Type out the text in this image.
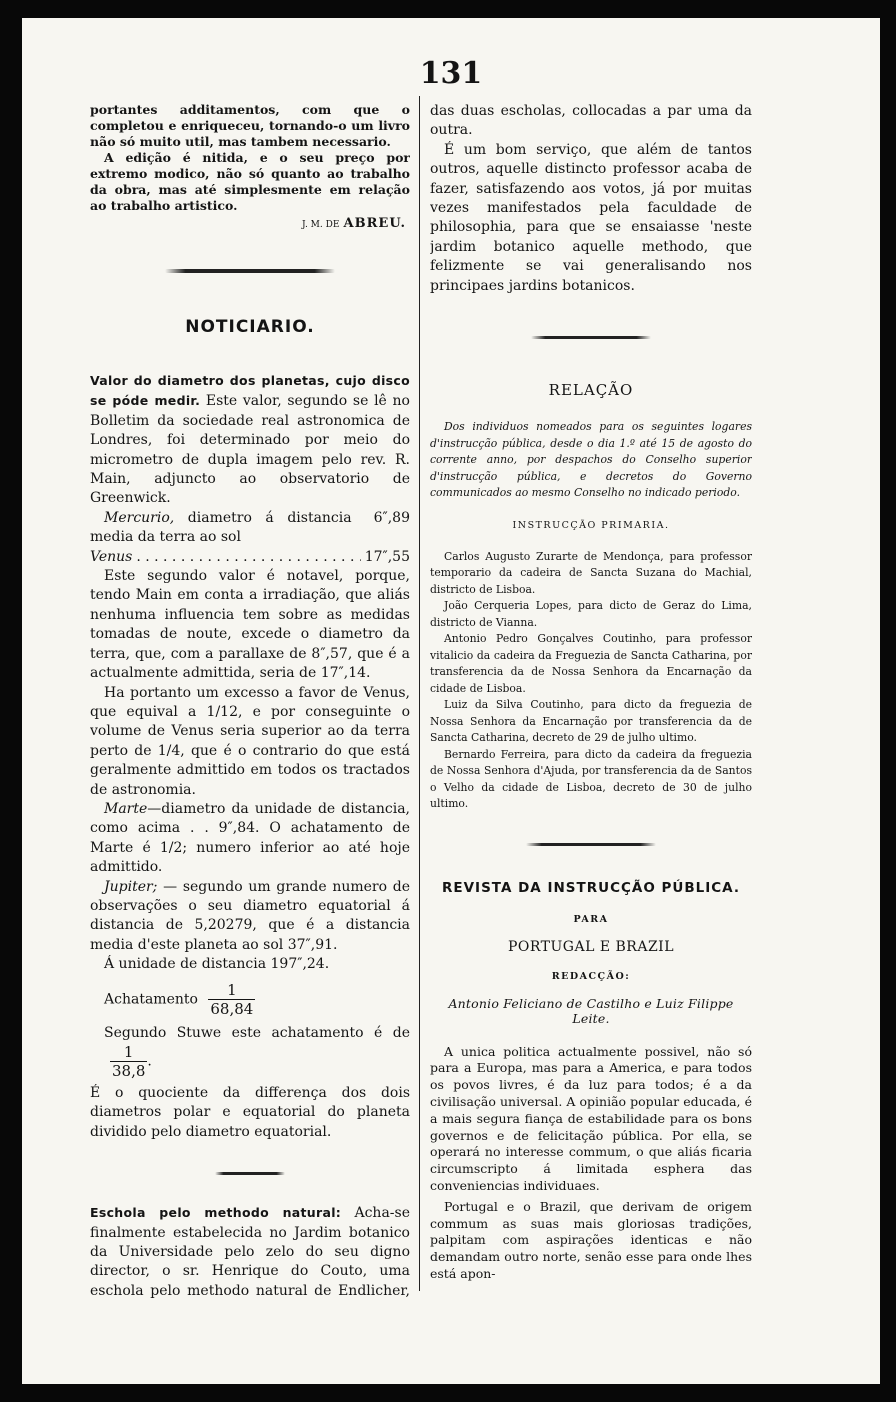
131

portantes additamentos, com que o completou e enriqueceu, tornando-o um livro não só muito util, mas tambem necessario.

A edição é nitida, e o seu preço por extremo modico, não só quanto ao trabalho da obra, mas até simplesmente em relação ao trabalho artistico.

J. M. DE ABREU.
NOTICIARIO.

Valor do diametro dos planetas, cujo disco se póde medir. Este valor, segundo se lê no Bolletim da sociedade real astronomica de Londres, foi determinado por meio do micrometro de dupla imagem pelo rev. R. Main, adjuncto ao observatorio de Greenwick.

Mercurio, diametro á distancia media da terra ao sol
6″,89
Venus
. . .	17″,55

Este segundo valor é notavel, porque, tendo Main em conta a irradiação, que aliás nenhuma influencia tem sobre as medidas tomadas de noute, excede o diametro da terra, que, com a parallaxe de 8″,57, que é a actualmente admittida, seria de 17″,14.

Ha portanto um excesso a favor de Venus, que equival a 1/12, e por conseguinte o volume de Venus seria superior ao da terra perto de 1/4, que é o contrario do que está geralmente admittido em todos os tractados de astronomia.

Marte—diametro da unidade de distancia, como acima . . 9″,84. O achatamento de Marte é 1/2; numero inferior ao até hoje admittido.

Jupiter; — segundo um grande numero de observações o seu diametro equatorial á distancia de 5,20279, que é a distancia media d'este planeta ao sol 37″,91.

Á unidade de distancia 197″,24.

Achatamento $\frac{1}{68,84}$
Segundo Stuwe este achatamento é de
$\frac{1}{38,8}$ .

É o quociente da differença dos dois diametros polar e equatorial do planeta dividido pelo diametro equatorial.

Eschola pelo methodo natural: Acha-se finalmente estabelecida no Jardim botanico da Universidade pelo zelo do seu digno director, o sr. Henrique do Couto, uma eschola pelo methodo natural de Endlicher,

das duas escholas, collocadas a par uma da outra.

É um bom serviço, que além de tantos outros, aquelle distincto professor acaba de fazer, satisfazendo aos votos, já por muitas vezes manifestados pela faculdade de philosophia, para que se ensaiasse 'neste jardim botanico aquelle methodo, que felizmente se vai generalisando nos principaes jardins botanicos.

RELAÇÃO

Dos individuos nomeados para os seguintes logares d'instrucção pública, desde o dia 1.º até 15 de agosto do corrente anno, por despachos do Conselho superior d'instrucção pública, e decretos do Governo communicados ao mesmo Conselho no indicado periodo.

INSTRUCÇÃO PRIMARIA.

Carlos Augusto Zurarte de Mendonça, para professor temporario da cadeira de Sancta Suzana do Machial, districto de Lisboa.

João Cerqueria Lopes, para dicto de Geraz do Lima, districto de Vianna.

Antonio Pedro Gonçalves Coutinho, para professor vitalicio da cadeira da Freguezia de Sancta Catharina, por transferencia da de Nossa Senhora da Encarnação da cidade de Lisboa.

Luiz da Silva Coutinho, para dicto da freguezia de Nossa Senhora da Encarnação por transferencia da de Sancta Catharina, decreto de 29 de julho ultimo.

Bernardo Ferreira, para dicto da cadeira da freguezia de Nossa Senhora d'Ajuda, por transferencia da de Santos o Velho da cidade de Lisboa, decreto de 30 de julho ultimo.

REVISTA DA INSTRUCÇÃO PÚBLICA.
PARA
PORTUGAL E BRAZIL
REDACÇÃO:
Antonio Feliciano de Castilho e Luiz Filippe Leite.

A unica politica actualmente possivel, não só para a Europa, mas para a America, e para todos os povos livres, é da luz para todos; é a da civilisação universal. A opinião popular educada, é a mais segura fiança de estabilidade para os bons governos e de felicitação pública. Por ella, se operará no interesse commum, o que aliás ficaria circumscripto á limitada esphera das conveniencias individuaes.

Portugal e o Brazil, que derivam de origem commum as suas mais gloriosas tradições, palpitam com aspirações identicas e não demandam outro norte, senão esse para onde lhes está apon-
